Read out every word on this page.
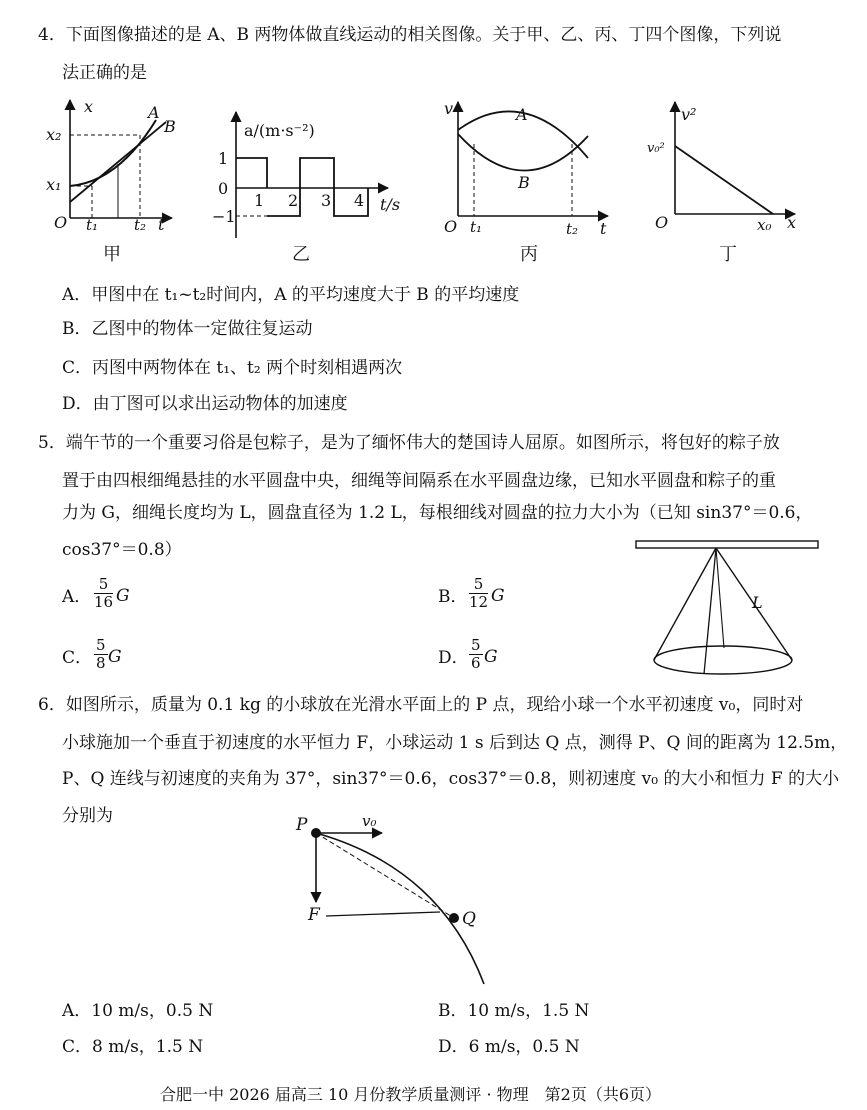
4．下面图像描述的是 A、B 两物体做直线运动的相关图像。关于甲、乙、丙、丁四个图像，下列说
法正确的是
x	A
B
x₂
x₁
O t₁ t₂ t
甲
a/(m·s⁻²)
1
0
−1
1 2 3 4 t/s
乙
v	A
B
O t₁	t₂ t
丙
v²
v₀²
O	x₀ x
丁
A．甲图中在 t₁~t₂时间内，A 的平均速度大于 B 的平均速度
B．乙图中的物体一定做往复运动
C．丙图中两物体在 t₁、t₂ 两个时刻相遇两次
D．由丁图可以求出运动物体的加速度
5．端午节的一个重要习俗是包粽子，是为了缅怀伟大的楚国诗人屈原。如图所示，将包好的粽子放
置于由四根细绳悬挂的水平圆盘中央，细绳等间隔系在水平圆盘边缘，已知水平圆盘和粽子的重
力为 G，细绳长度均为 L，圆盘直径为 1.2 L，每根细线对圆盘的拉力大小为（已知 sin37°＝0.6，
cos37°＝0.8）
L
A． $\frac{5}{16}$ G	B． $\frac{5}{12}$ G
C． $\frac{5}{8}$ G	D． $\frac{5}{6}$ G
6．如图所示，质量为 0.1 kg 的小球放在光滑水平面上的 P 点，现给小球一个水平初速度 v₀，同时对
小球施加一个垂直于初速度的水平恒力 F，小球运动 1 s 后到达 Q 点，测得 P、Q 间的距离为 12.5m，
P、Q 连线与初速度的夹角为 37°，sin37°＝0.6，cos37°＝0.8，则初速度 v₀ 的大小和恒力 F 的大小
分别为	P	v₀
F	Q
A．10 m/s，0.5 N	B．10 m/s，1.5 N
C．8 m/s，1.5 N	D．6 m/s，0.5 N
合肥一中 2026 届高三 10 月份教学质量测评 · 物理　第2页（共6页）
